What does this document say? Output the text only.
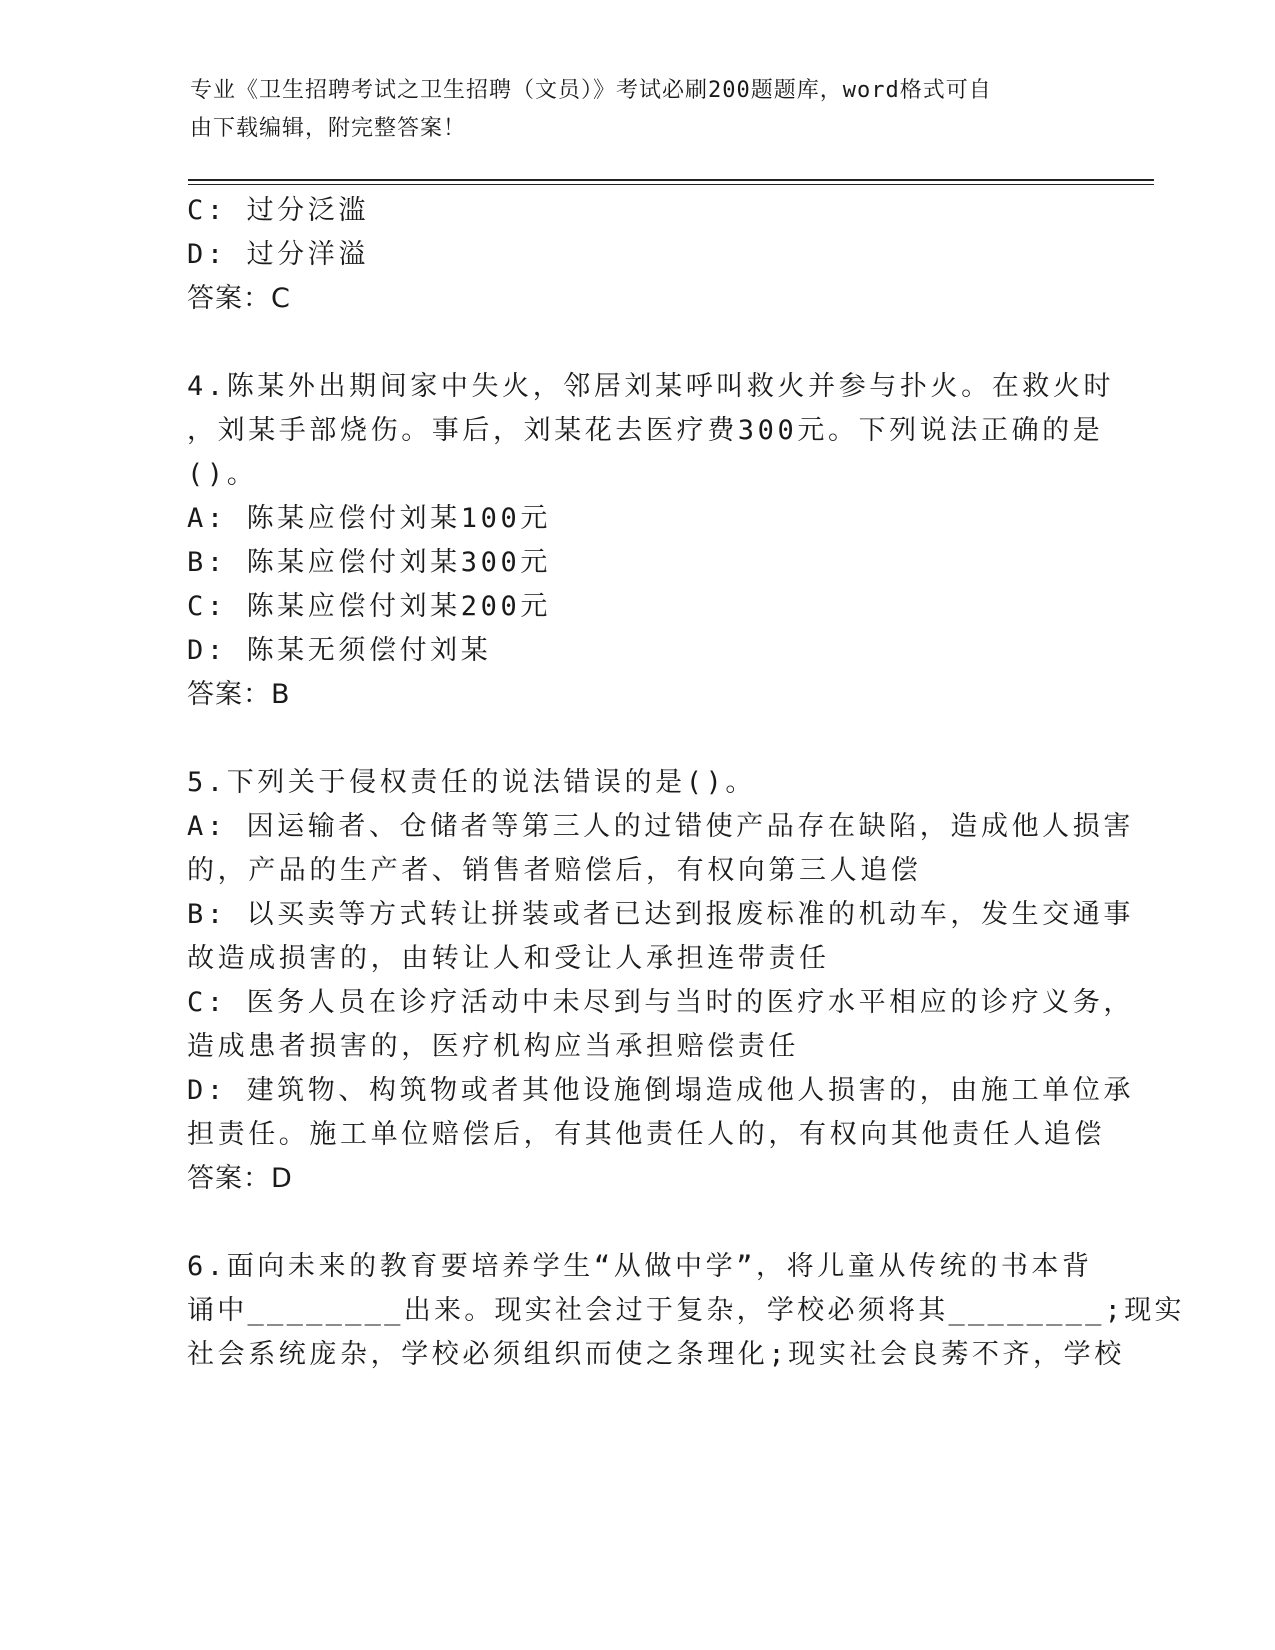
专业《卫生招聘考试之卫生招聘（文员）》考试必刷200题题库，word格式可自
由下载编辑，附完整答案！
C: 过分泛滥
D: 过分洋溢
答案：C
4.陈某外出期间家中失火，邻居刘某呼叫救火并参与扑火。在救火时
，刘某手部烧伤。事后，刘某花去医疗费300元。下列说法正确的是
()。
A: 陈某应偿付刘某100元
B: 陈某应偿付刘某300元
C: 陈某应偿付刘某200元
D: 陈某无须偿付刘某
答案：B
5.下列关于侵权责任的说法错误的是()。
A: 因运输者、仓储者等第三人的过错使产品存在缺陷，造成他人损害
的，产品的生产者、销售者赔偿后，有权向第三人追偿
B: 以买卖等方式转让拼装或者已达到报废标准的机动车，发生交通事
故造成损害的，由转让人和受让人承担连带责任
C: 医务人员在诊疗活动中未尽到与当时的医疗水平相应的诊疗义务，
造成患者损害的，医疗机构应当承担赔偿责任
D: 建筑物、构筑物或者其他设施倒塌造成他人损害的，由施工单位承
担责任。施工单位赔偿后，有其他责任人的，有权向其他责任人追偿
答案：D
6.面向未来的教育要培养学生“从做中学”，将儿童从传统的书本背
诵中________出来。现实社会过于复杂，学校必须将其________;现实
社会系统庞杂，学校必须组织而使之条理化;现实社会良莠不齐，学校
